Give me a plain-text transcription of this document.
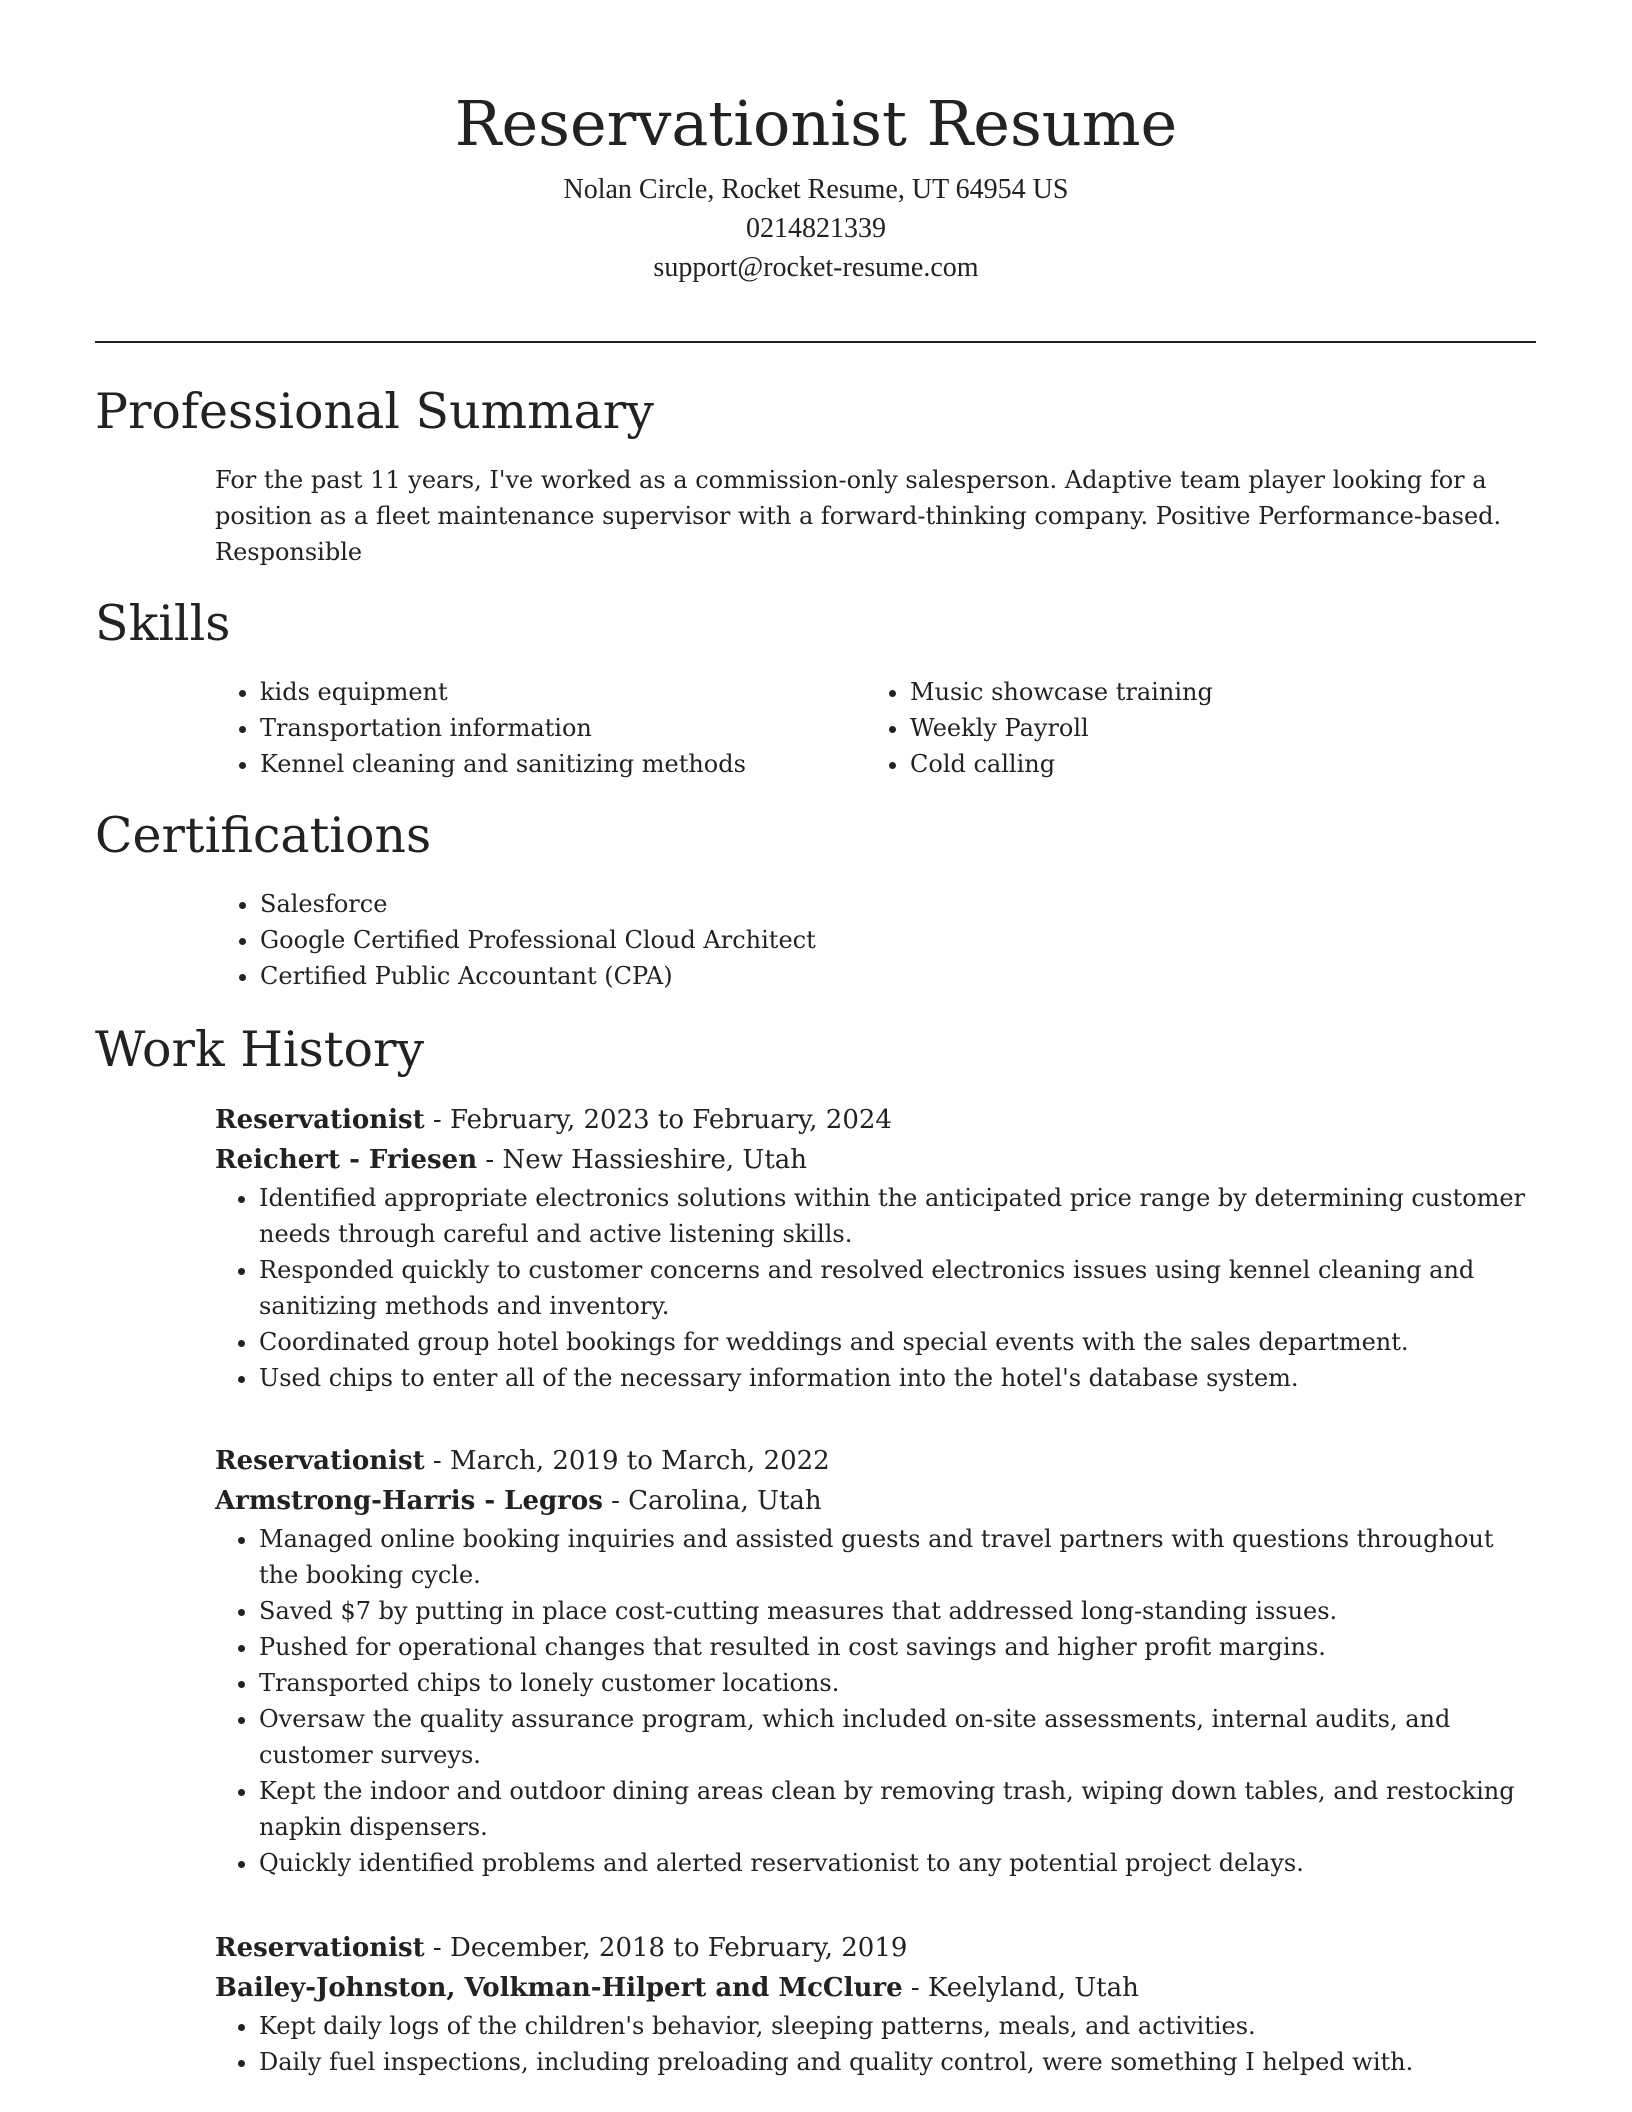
Reservationist Resume
Nolan Circle, Rocket Resume, UT 64954 US
0214821339
support@rocket-resume.com
Professional Summary
For the past 11 years, I've worked as a commission-only salesperson. Adaptive team player looking for a position as a fleet maintenance supervisor with a forward-thinking company. Positive Performance-based. Responsible
Skills
• kids equipment
• Transportation information
• Kennel cleaning and sanitizing methods
• Music showcase training
• Weekly Payroll
• Cold calling
Certifications
• Salesforce
• Google Certified Professional Cloud Architect
• Certified Public Accountant (CPA)
Work History
Reservationist - February, 2023 to February, 2024
Reichert - Friesen - New Hassieshire, Utah
• Identified appropriate electronics solutions within the anticipated price range by determining customer needs through careful and active listening skills.
• Responded quickly to customer concerns and resolved electronics issues using kennel cleaning and sanitizing methods and inventory.
• Coordinated group hotel bookings for weddings and special events with the sales department.
• Used chips to enter all of the necessary information into the hotel's database system.
Reservationist - March, 2019 to March, 2022
Armstrong-Harris - Legros - Carolina, Utah
• Managed online booking inquiries and assisted guests and travel partners with questions throughout the booking cycle.
• Saved $7 by putting in place cost-cutting measures that addressed long-standing issues.
• Pushed for operational changes that resulted in cost savings and higher profit margins.
• Transported chips to lonely customer locations.
• Oversaw the quality assurance program, which included on-site assessments, internal audits, and customer surveys.
• Kept the indoor and outdoor dining areas clean by removing trash, wiping down tables, and restocking napkin dispensers.
• Quickly identified problems and alerted reservationist to any potential project delays.
Reservationist - December, 2018 to February, 2019
Bailey-Johnston, Volkman-Hilpert and McClure - Keelyland, Utah
• Kept daily logs of the children's behavior, sleeping patterns, meals, and activities.
• Daily fuel inspections, including preloading and quality control, were something I helped with.
